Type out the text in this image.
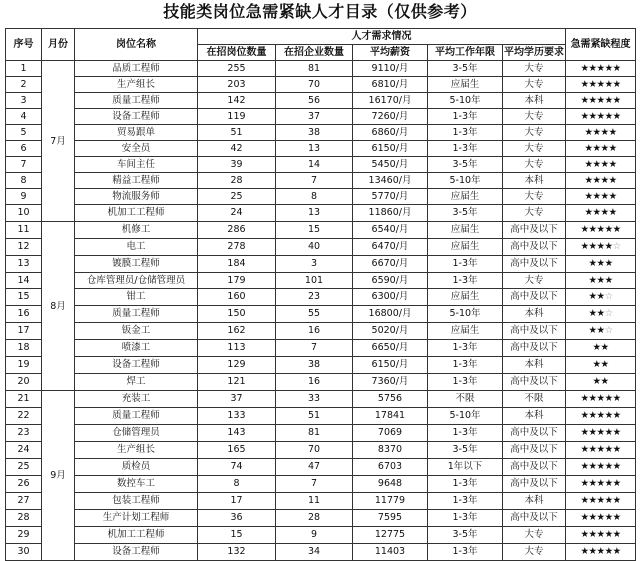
技能类岗位急需紧缺人才目录（仅供参考）
序号	月份	岗位名称	人才需求情况					急需紧缺程度
			在招岗位数量	在招企业数量	平均薪资	平均工作年限	平均学历要求	
1	7月	品质工程师	255	81	9110/月	3-5年	大专	★★★★★
2		生产组长	203	70	6810/月	应届生	大专	★★★★★
3		质量工程师	142	56	16170/月	5-10年	本科	★★★★★
4		设备工程师	119	37	7260/月	1-3年	大专	★★★★★
5		贸易跟单	51	38	6860/月	1-3年	大专	★★★★
6		安全员	42	13	6150/月	1-3年	大专	★★★★
7		车间主任	39	14	5450/月	3-5年	大专	★★★★
8		精益工程师	28	7	13460/月	5-10年	本科	★★★★
9		物流服务师	25	8	5770/月	应届生	大专	★★★★
10		机加工工程师	24	13	11860/月	3-5年	大专	★★★★
11	8月	机修工	286	15	6540/月	应届生	高中及以下	★★★★★
12		电工	278	40	6470/月	应届生	高中及以下	★★★★☆
13		镀膜工程师	184	3	6670/月	1-3年	高中及以下	★★★
14		仓库管理员/仓储管理员	179	101	6590/月	1-3年	大专	★★★
15		钳工	160	23	6300/月	应届生	高中及以下	★★☆
16		质量工程师	150	55	16800/月	5-10年	本科	★★☆
17		钣金工	162	16	5020/月	应届生	高中及以下	★★☆
18		喷漆工	113	7	6650/月	1-3年	高中及以下	★★
19		设备工程师	129	38	6150/月	1-3年	本科	★★
20		焊工	121	16	7360/月	1-3年	高中及以下	★★
21	9月	充装工	37	33	5756	不限	不限	★★★★★
22		质量工程师	133	51	17841	5-10年	本科	★★★★★
23		仓储管理员	143	81	7069	1-3年	高中及以下	★★★★★
24		生产组长	165	70	8370	3-5年	高中及以下	★★★★★
25		质检员	74	47	6703	1年以下	高中及以下	★★★★★
26		数控车工	8	7	9648	1-3年	高中及以下	★★★★★
27		包装工程师	17	11	11779	1-3年	本科	★★★★★
28		生产计划工程师	36	28	7595	1-3年	高中及以下	★★★★★
29		机加工工程师	15	9	12775	3-5年	大专	★★★★★
30		设备工程师	132	34	11403	1-3年	大专	★★★★★
